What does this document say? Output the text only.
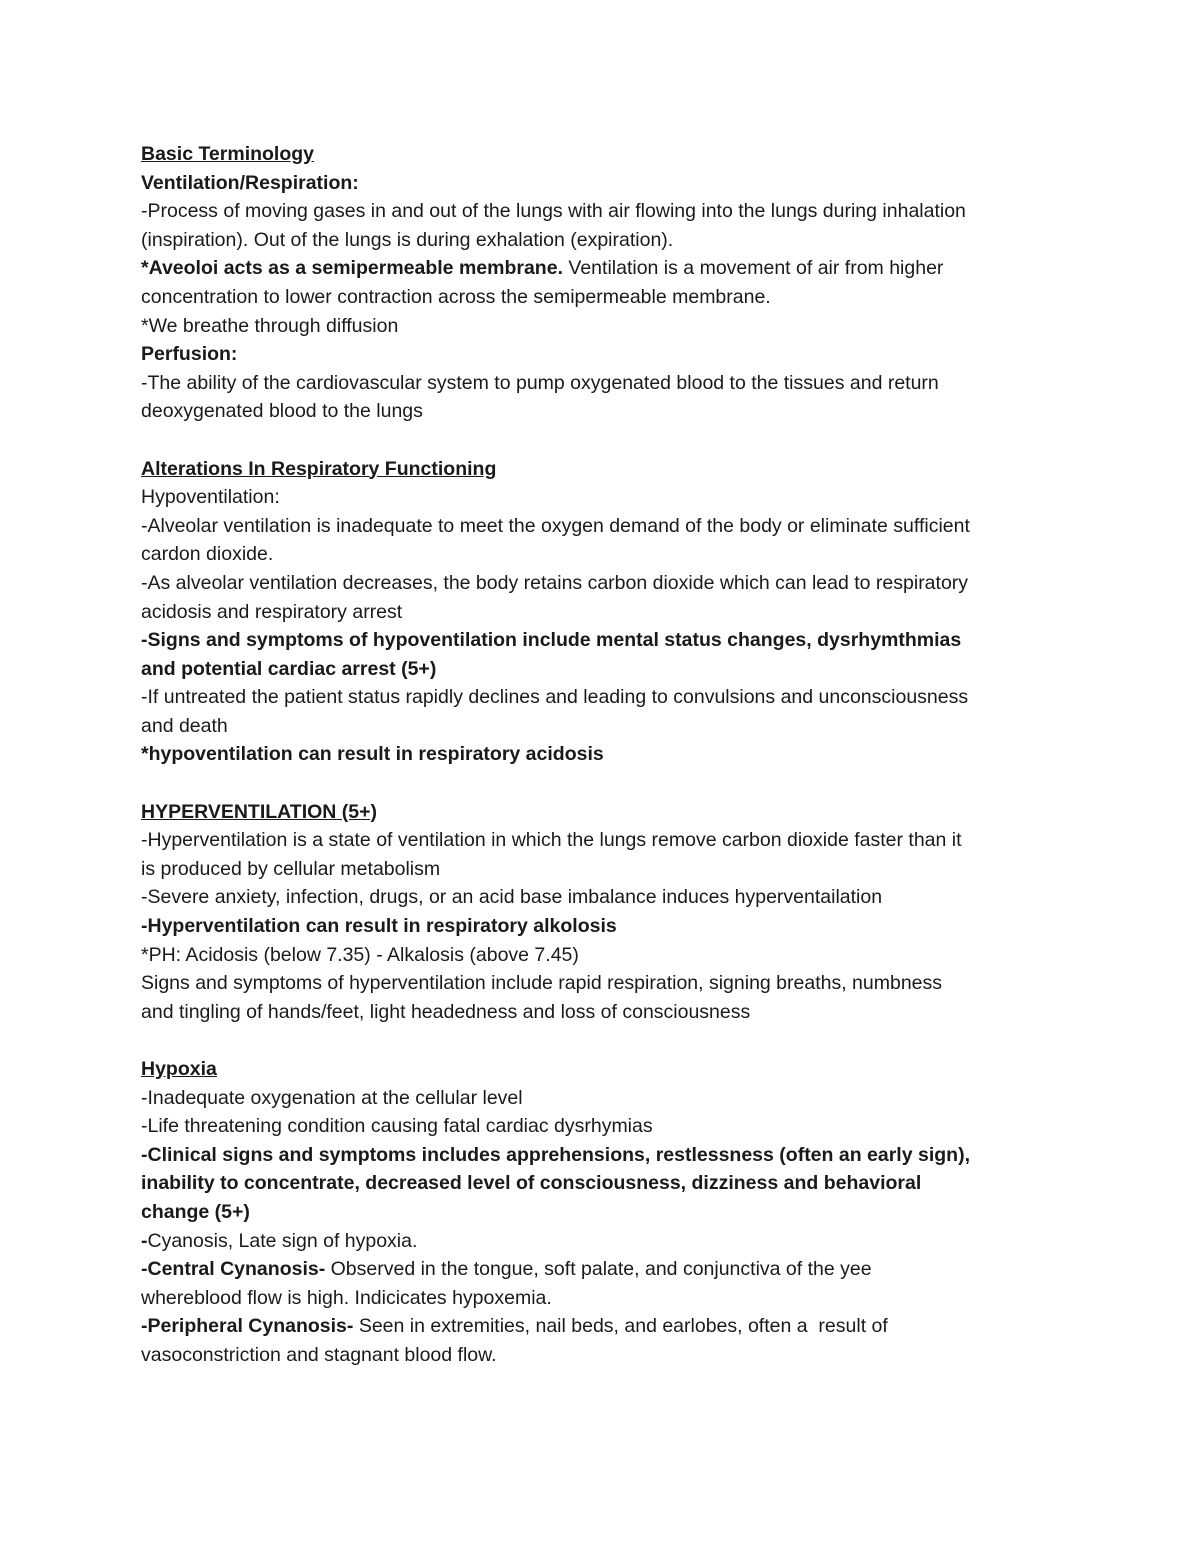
Basic Terminology

Ventilation/Respiration:

-Process of moving gases in and out of the lungs with air flowing into the lungs during inhalation

(inspiration). Out of the lungs is during exhalation (expiration).

*Aveoloi acts as a semipermeable membrane. Ventilation is a movement of air from higher

concentration to lower contraction across the semipermeable membrane.

*We breathe through diffusion

Perfusion:

-The ability of the cardiovascular system to pump oxygenated blood to the tissues and return

deoxygenated blood to the lungs

Alterations In Respiratory Functioning

Hypoventilation:

-Alveolar ventilation is inadequate to meet the oxygen demand of the body or eliminate sufficient

cardon dioxide.

-As alveolar ventilation decreases, the body retains carbon dioxide which can lead to respiratory

acidosis and respiratory arrest

-Signs and symptoms of hypoventilation include mental status changes, dysrhymthmias

and potential cardiac arrest (5+)

-If untreated the patient status rapidly declines and leading to convulsions and unconsciousness

and death

*hypoventilation can result in respiratory acidosis

HYPERVENTILATION (5+)

-Hyperventilation is a state of ventilation in which the lungs remove carbon dioxide faster than it

is produced by cellular metabolism

-Severe anxiety, infection, drugs, or an acid base imbalance induces hyperventailation

-Hyperventilation can result in respiratory alkolosis

*PH: Acidosis (below 7.35) - Alkalosis (above 7.45)

Signs and symptoms of hyperventilation include rapid respiration, signing breaths, numbness

and tingling of hands/feet, light headedness and loss of consciousness

Hypoxia

-Inadequate oxygenation at the cellular level

-Life threatening condition causing fatal cardiac dysrhymias

-Clinical signs and symptoms includes apprehensions, restlessness (often an early sign),

inability to concentrate, decreased level of consciousness, dizziness and behavioral

change (5+)

-Cyanosis, Late sign of hypoxia.

-Central Cynanosis- Observed in the tongue, soft palate, and conjunctiva of the yee

whereblood flow is high. Indicicates hypoxemia.

-Peripheral Cynanosis- Seen in extremities, nail beds, and earlobes, often a  result of

vasoconstriction and stagnant blood flow.
